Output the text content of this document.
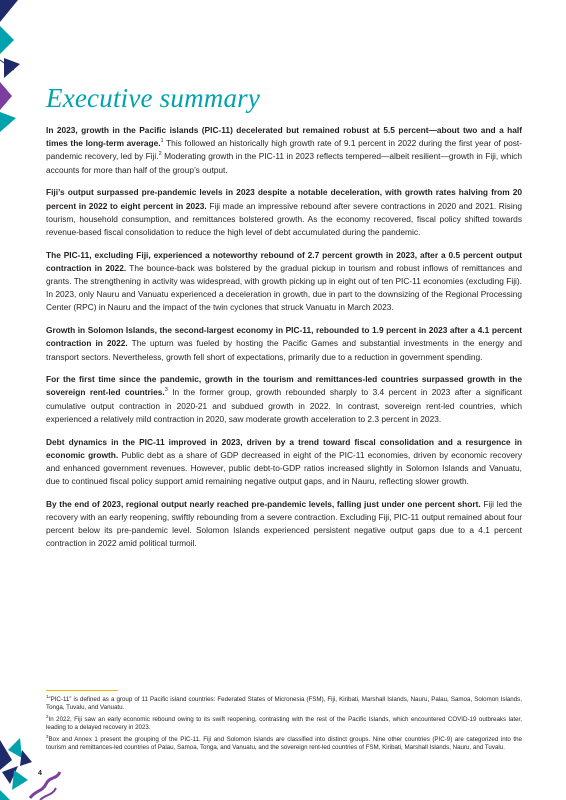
Executive summary

In 2023, growth in the Pacific islands (PIC-11) decelerated but remained robust at 5.5 percent—about two and a half times the long-term average.$^1$ This followed an historically high growth rate of 9.1 percent in 2022 during the first year of post-pandemic recovery, led by Fiji.$^2$ Moderating growth in the PIC-11 in 2023 reflects tempered—albeit resilient—growth in Fiji, which accounts for more than half of the group’s output.

Fiji’s output surpassed pre-pandemic levels in 2023 despite a notable deceleration, with growth rates halving from 20 percent in 2022 to eight percent in 2023. Fiji made an impressive rebound after severe contractions in 2020 and 2021. Rising tourism, household consumption, and remittances bolstered growth. As the economy recovered, fiscal policy shifted towards revenue-based fiscal consolidation to reduce the high level of debt accumulated during the pandemic.

The PIC-11, excluding Fiji, experienced a noteworthy rebound of 2.7 percent growth in 2023, after a 0.5 percent output contraction in 2022. The bounce-back was bolstered by the gradual pickup in tourism and robust inflows of remittances and grants. The strengthening in activity was widespread, with growth picking up in eight out of ten PIC-11 economies (excluding Fiji). In 2023, only Nauru and Vanuatu experienced a deceleration in growth, due in part to the downsizing of the Regional Processing Center (RPC) in Nauru and the impact of the twin cyclones that struck Vanuatu in March 2023.

Growth in Solomon Islands, the second-largest economy in PIC-11, rebounded to 1.9 percent in 2023 after a 4.1 percent contraction in 2022. The upturn was fueled by hosting the Pacific Games and substantial investments in the energy and transport sectors. Nevertheless, growth fell short of expectations, primarily due to a reduction in government spending.

For the first time since the pandemic, growth in the tourism and remittances-led countries surpassed growth in the sovereign rent-led countries.$^3$ In the former group, growth rebounded sharply to 3.4 percent in 2023 after a significant cumulative output contraction in 2020-21 and subdued growth in 2022. In contrast, sovereign rent-led countries, which experienced a relatively mild contraction in 2020, saw moderate growth acceleration to 2.3 percent in 2023.

Debt dynamics in the PIC-11 improved in 2023, driven by a trend toward fiscal consolidation and a resurgence in economic growth. Public debt as a share of GDP decreased in eight of the PIC-11 economies, driven by economic recovery and enhanced government revenues. However, public debt-to-GDP ratios increased slightly in Solomon Islands and Vanuatu, due to continued fiscal policy support amid remaining negative output gaps, and in Nauru, reflecting slower growth.

By the end of 2023, regional output nearly reached pre-pandemic levels, falling just under one percent short. Fiji led the recovery with an early reopening, swiftly rebounding from a severe contraction. Excluding Fiji, PIC-11 output remained about four percent below its pre-pandemic level. Solomon Islands experienced persistent negative output gaps due to a 4.1 percent contraction in 2022 amid political turmoil.

$^1$“PIC-11” is defined as a group of 11 Pacific island countries: Federated States of Micronesia (FSM), Fiji, Kiribati, Marshall Islands, Nauru, Palau, Samoa, Solomon Islands, Tonga, Tuvalu, and Vanuatu.

$^2$In 2022, Fiji saw an early economic rebound owing to its swift reopening, contrasting with the rest of the Pacific Islands, which encountered COVID-19 outbreaks later, leading to a delayed recovery in 2023.

$^3$Box and Annex 1 present the grouping of the PIC-11. Fiji and Solomon Islands are classified into distinct groups. Nine other countries (PIC-9) are categorized into the tourism and remittances-led countries of Palau, Samoa, Tonga, and Vanuatu, and the sovereign rent-led countries of FSM, Kiribati, Marshall Islands, Nauru, and Tuvalu.

4
